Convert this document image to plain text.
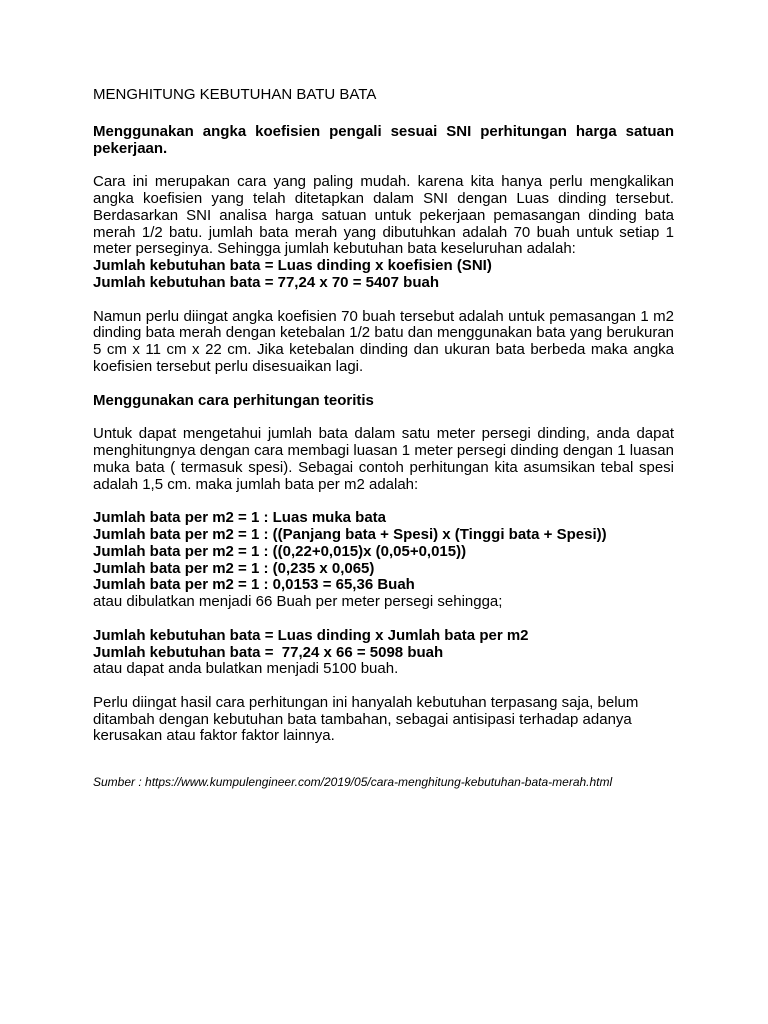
MENGHITUNG KEBUTUHAN BATU BATA
Menggunakan angka koefisien pengali sesuai SNI perhitungan harga satuan pekerjaan.
Cara ini merupakan cara yang paling mudah. karena kita hanya perlu mengkalikan angka koefisien yang telah ditetapkan dalam SNI dengan Luas dinding tersebut. Berdasarkan SNI analisa harga satuan untuk pekerjaan pemasangan dinding bata merah 1/2 batu. jumlah bata merah yang dibutuhkan adalah 70 buah untuk setiap 1 meter perseginya. Sehingga jumlah kebutuhan bata keseluruhan adalah:
Jumlah kebutuhan bata = Luas dinding x koefisien (SNI)
Jumlah kebutuhan bata = 77,24 x 70 = 5407 buah
Namun perlu diingat angka koefisien 70 buah tersebut adalah untuk pemasangan 1 m2 dinding bata merah dengan ketebalan 1/2 batu dan menggunakan bata yang berukuran 5 cm x 11 cm x 22 cm. Jika ketebalan dinding dan ukuran bata berbeda maka angka koefisien tersebut perlu disesuaikan lagi.
Menggunakan cara perhitungan teoritis
Untuk dapat mengetahui jumlah bata dalam satu meter persegi dinding, anda dapat menghitungnya dengan cara membagi luasan 1 meter persegi dinding dengan 1 luasan muka bata ( termasuk spesi). Sebagai contoh perhitungan kita asumsikan tebal spesi adalah 1,5 cm. maka jumlah bata per m2 adalah:
Jumlah bata per m2 = 1 : Luas muka bata
Jumlah bata per m2 = 1 : ((Panjang bata + Spesi) x (Tinggi bata + Spesi))
Jumlah bata per m2 = 1 : ((0,22+0,015)x (0,05+0,015))
Jumlah bata per m2 = 1 : (0,235 x 0,065)
Jumlah bata per m2 = 1 : 0,0153 = 65,36 Buah
atau dibulatkan menjadi 66 Buah per meter persegi sehingga;
Jumlah kebutuhan bata = Luas dinding x Jumlah bata per m2
Jumlah kebutuhan bata =  77,24 x 66 = 5098 buah
atau dapat anda bulatkan menjadi 5100 buah.
Perlu diingat hasil cara perhitungan ini hanyalah kebutuhan terpasang saja, belum ditambah dengan kebutuhan bata tambahan, sebagai antisipasi terhadap adanya kerusakan atau faktor faktor lainnya.
Sumber : https://www.kumpulengineer.com/2019/05/cara-menghitung-kebutuhan-bata-merah.html
